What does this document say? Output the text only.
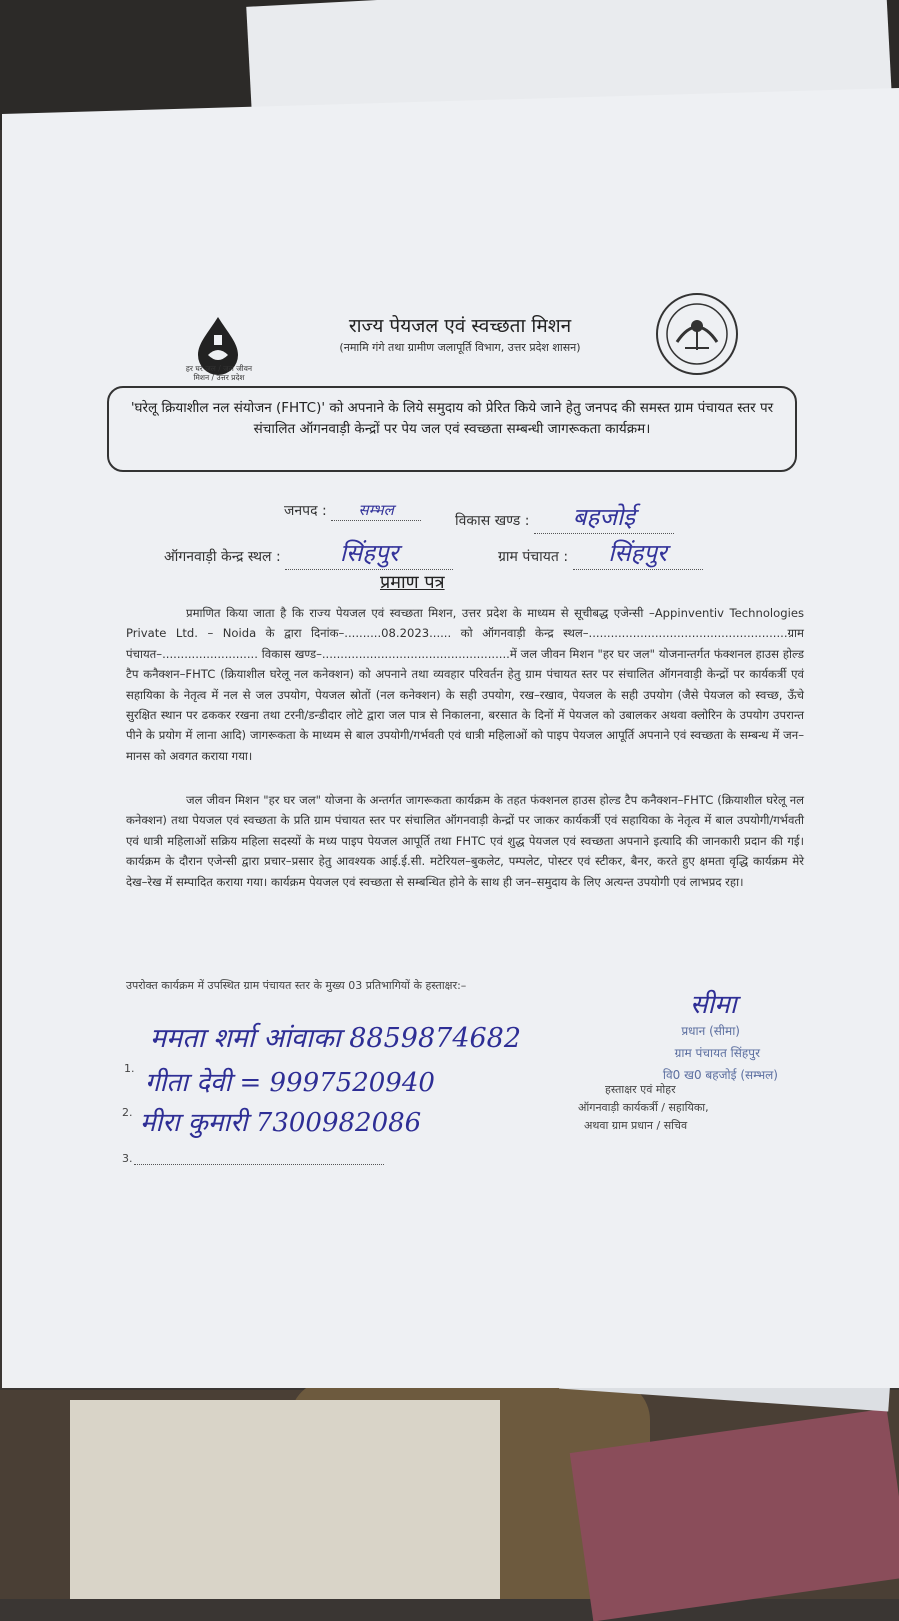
हर घर जल / जल जीवन मिशन / उत्तर प्रदेश
राज्य पेयजल एवं स्वच्छता मिशन
(नमामि गंगे तथा ग्रामीण जलापूर्ति विभाग, उत्तर प्रदेश शासन)
'घरेलू क्रियाशील नल संयोजन (FHTC)' को अपनाने के लिये समुदाय को प्रेरित किये जाने हेतु जनपद की समस्त ग्राम पंचायत स्तर पर संचालित ऑगनवाड़ी केन्द्रों पर पेय जल एवं स्वच्छता सम्बन्धी जागरूकता कार्यक्रम।
जनपद : सम्भल
विकास खण्ड : बहजोई
ऑगनवाड़ी केन्द्र स्थल : सिंहपुर	ग्राम पंचायत : सिंहपुर
प्रमाण पत्र
प्रमाणित किया जाता है कि राज्य पेयजल एवं स्वच्छता मिशन, उत्तर प्रदेश के माध्यम से सूचीबद्ध एजेन्सी –Appinventiv Technologies Private Ltd. – Noida के द्वारा दिनांक–..........08.2023...... को ऑगनवाड़ी केन्द्र स्थल–......................................................ग्राम पंचायत–.......................... विकास खण्ड–...................................................में जल जीवन मिशन "हर घर जल" योजनान्तर्गत फंक्शनल हाउस होल्ड टैप कनैक्शन–FHTC (क्रियाशील घरेलू नल कनेक्शन) को अपनाने तथा व्यवहार परिवर्तन हेतु ग्राम पंचायत स्तर पर संचालित ऑगनवाड़ी केन्द्रों पर कार्यकर्त्री एवं सहायिका के नेतृत्व में नल से जल उपयोग, पेयजल स्रोतों (नल कनेक्शन) के सही उपयोग, रख–रखाव, पेयजल के सही उपयोग (जैसे पेयजल को स्वच्छ, ऊँचे सुरक्षित स्थान पर ढककर रखना तथा टरनी/डन्डीदार लोटे द्वारा जल पात्र से निकालना, बरसात के दिनों में पेयजल को उबालकर अथवा क्लोरिन के उपयोग उपरान्त पीने के प्रयोग में लाना आदि) जागरूकता के माध्यम से बाल उपयोगी/गर्भवती एवं धात्री महिलाओं को पाइप पेयजल आपूर्ति अपनाने एवं स्वच्छता के सम्बन्ध में जन–मानस को अवगत कराया गया।
जल जीवन मिशन "हर घर जल" योजना के अन्तर्गत जागरूकता कार्यक्रम के तहत फंक्शनल हाउस होल्ड टैप कनैक्शन–FHTC (क्रियाशील घरेलू नल कनेक्शन) तथा पेयजल एवं स्वच्छता के प्रति ग्राम पंचायत स्तर पर संचालित ऑगनवाड़ी केन्द्रों पर जाकर कार्यकर्त्री एवं सहायिका के नेतृत्व में बाल उपयोगी/गर्भवती एवं धात्री महिलाओं सक्रिय महिला सदस्यों के मध्य पाइप पेयजल आपूर्ति तथा FHTC एवं शुद्ध पेयजल एवं स्वच्छता अपनाने इत्यादि की जानकारी प्रदान की गई। कार्यक्रम के दौरान एजेन्सी द्वारा प्रचार–प्रसार हेतु आवश्यक आई.ई.सी. मटेरियल–बुकलेट, पम्पलेट, पोस्टर एवं स्टीकर, बैनर, करते हुए क्षमता वृद्धि कार्यक्रम मेरे देख–रेख में सम्पादित कराया गया। कार्यक्रम पेयजल एवं स्वच्छता से सम्बन्धित होने के साथ ही जन–समुदाय के लिए अत्यन्त उपयोगी एवं लाभप्रद रहा।
उपरोक्त कार्यक्रम में उपस्थित ग्राम पंचायत स्तर के मुख्य 03 प्रतिभागियों के हस्ताक्षर:–
ममता शर्मा आंवाका 8859874682
1. गीता देवी = 9997520940
2. मीरा कुमारी 7300982086
3.
सीमा
प्रधान (सीमा)
ग्राम पंचायत सिंहपुर
वि0 ख0 बहजोई (सम्भल)
हस्ताक्षर एवं मोहर
ऑगनवाड़ी कार्यकर्त्री / सहायिका,
अथवा ग्राम प्रधान / सचिव
